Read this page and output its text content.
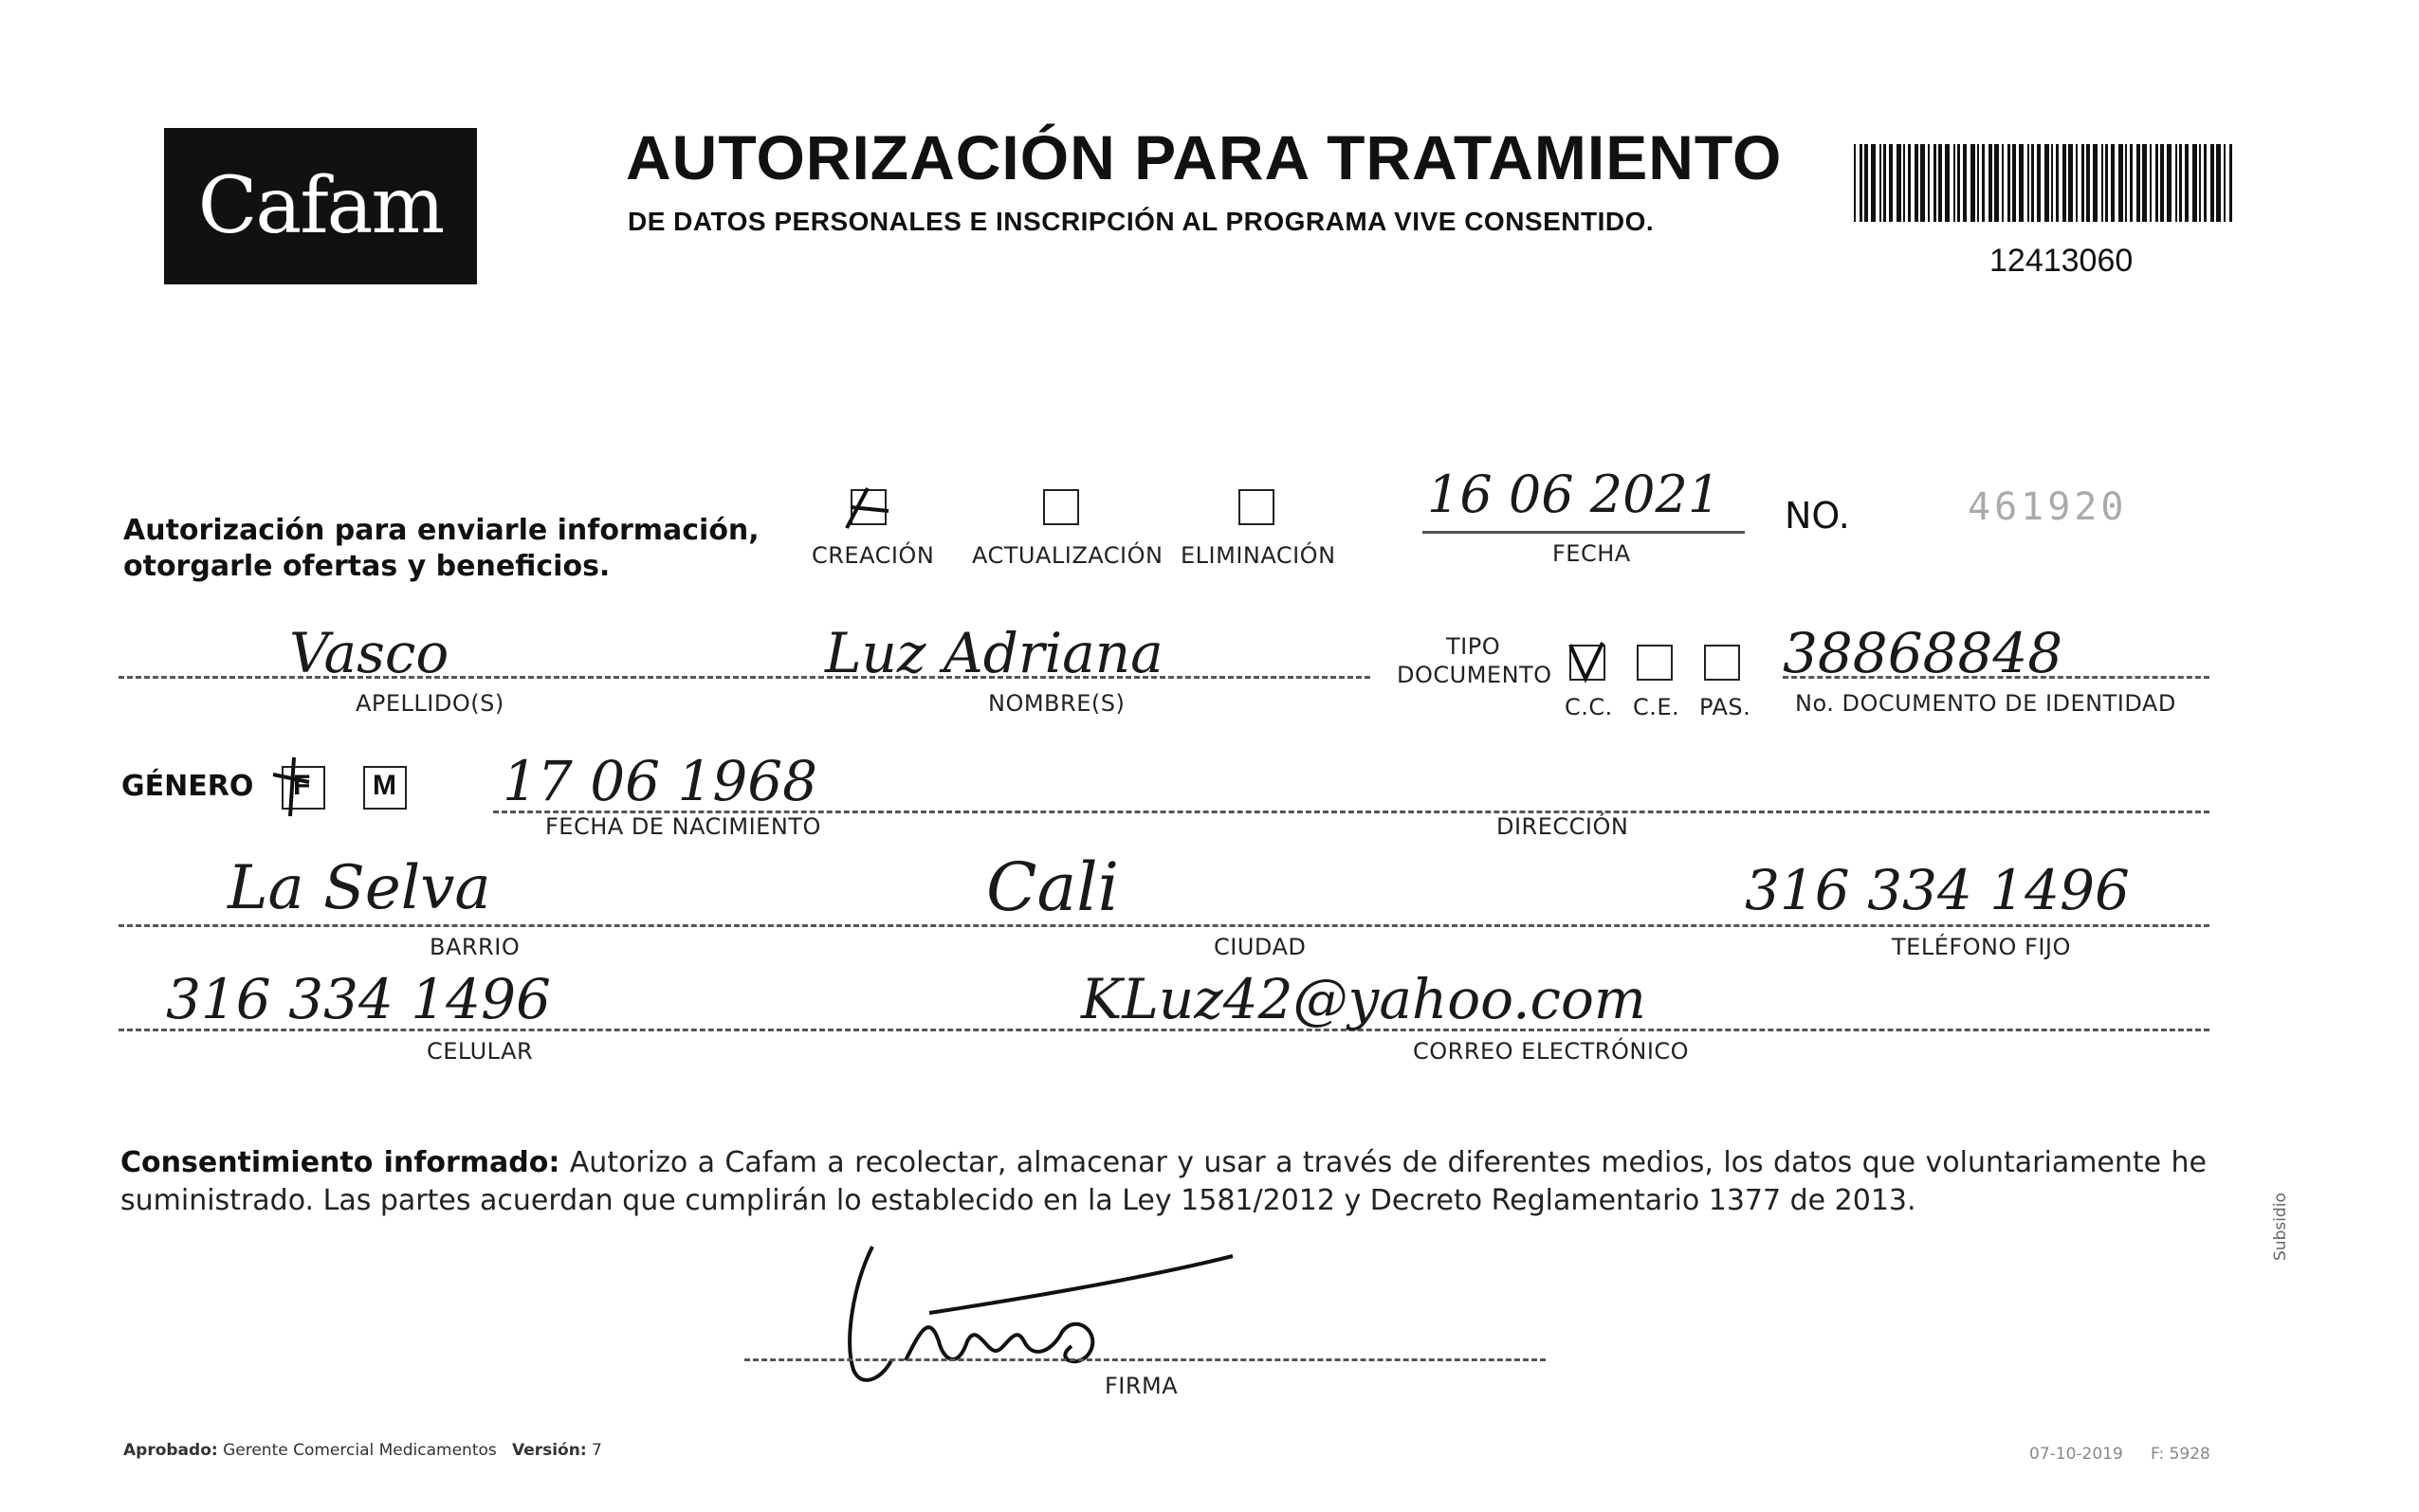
Cafam
AUTORIZACIÓN PARA TRATAMIENTO
DE DATOS PERSONALES E INSCRIPCIÓN AL PROGRAMA VIVE CONSENTIDO.
12413060
Autorización para enviarle información,
otorgarle ofertas y beneficios.	CREACIÓN ACTUALIZACIÓN ELIMINACIÓN
16 06 2021
FECHA
NO.	461920
Vasco
APELLIDO(S)
Luz Adriana
NOMBRE(S)
TIPO
DOCUMENTO
C.C. C.E. PAS.
38868848
No. DOCUMENTO DE IDENTIDAD
GÉNERO F M 17 06 1968
FECHA DE NACIMIENTO	DIRECCIÓN
La Selva
BARRIO
Cali
CIUDAD
316 334 1496
TELÉFONO FIJO
316 334 1496
CELULAR
KLuz42@yahoo.com
CORREO ELECTRÓNICO
Consentimiento informado: Autorizo a Cafam a recolectar, almacenar y usar a través de diferentes medios, los datos que voluntariamente he suministrado. Las partes acuerdan que cumplirán lo establecido en la Ley 1581/2012 y Decreto Reglamentario 1377 de 2013.
FIRMA
Subsidio
Aprobado: Gerente Comercial Medicamentos Versión: 7	07-10-2019 F: 5928
